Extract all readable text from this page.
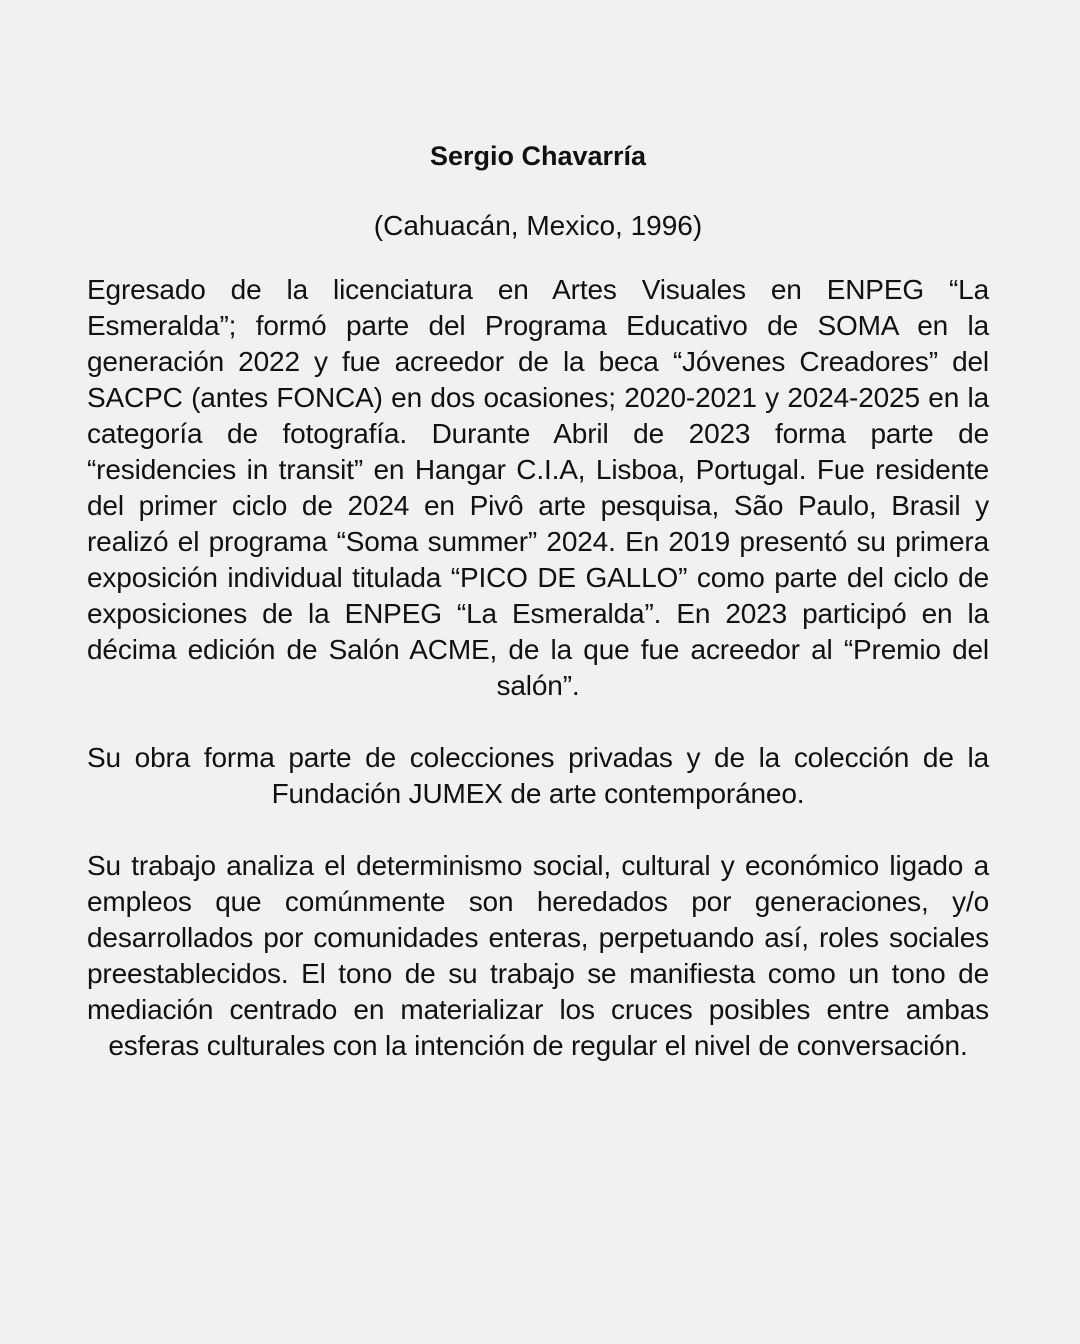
Sergio Chavarría

(Cahuacán, Mexico, 1996)

Egresado de la licenciatura en Artes Visuales en ENPEG “La Esmeralda”; formó parte del Programa Educativo de SOMA en la generación 2022 y fue acreedor de la beca “Jóvenes Creadores” del SACPC (antes FONCA) en dos ocasiones; 2020-2021 y 2024-2025 en la categoría de fotografía. Durante Abril de 2023 forma parte de “residencies in transit” en Hangar C.I.A, Lisboa, Portugal. Fue residente del primer ciclo de 2024 en Pivô arte pesquisa, São Paulo, Brasil y realizó el programa “Soma summer” 2024. En 2019 presentó su primera exposición individual titulada “PICO DE GALLO” como parte del ciclo de exposiciones de la ENPEG “La Esmeralda”. En 2023 participó en la décima edición de Salón ACME, de la que fue acreedor al “Premio del salón”.

Su obra forma parte de colecciones privadas y de la colección de la Fundación JUMEX de arte contemporáneo.

Su trabajo analiza el determinismo social, cultural y económico ligado a empleos que comúnmente son heredados por generaciones, y/o desarrollados por comunidades enteras, perpetuando así, roles sociales preestablecidos. El tono de su trabajo se manifiesta como un tono de mediación centrado en materializar los cruces posibles entre ambas esferas culturales con la intención de regular el nivel de conversación.
